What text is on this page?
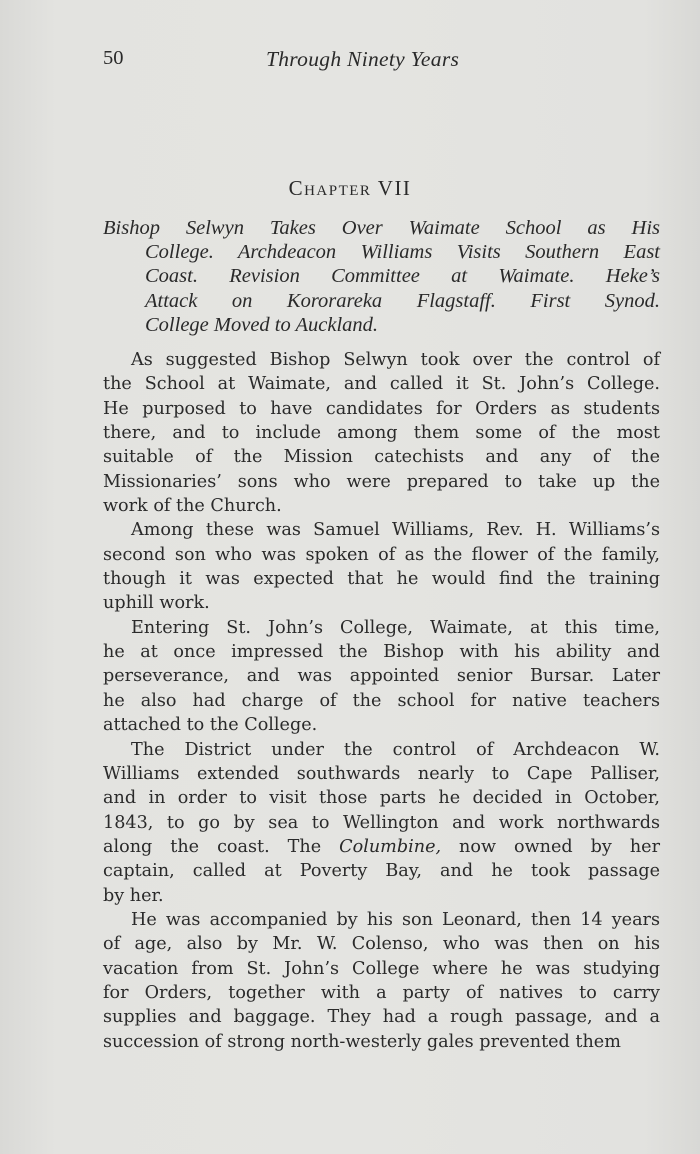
50	Through Ninety Years
Chapter VII
Bishop Selwyn Takes Over Waimate School as His
College. Archdeacon Williams Visits Southern East
Coast. Revision Committee at Waimate. Heke’s
Attack on Kororareka Flagstaff. First Synod.
College Moved to Auckland.
As suggested Bishop Selwyn took over the control of
the School at Waimate, and called it St. John’s College.
He purposed to have candidates for Orders as students
there, and to include among them some of the most
suitable of the Mission catechists and any of the
Missionaries’ sons who were prepared to take up the
work of the Church.
Among these was Samuel Williams, Rev. H. Williams’s
second son who was spoken of as the flower of the family,
though it was expected that he would find the training
uphill work.
Entering St. John’s College, Waimate, at this time,
he at once impressed the Bishop with his ability and
perseverance, and was appointed senior Bursar. Later
he also had charge of the school for native teachers
attached to the College.
The District under the control of Archdeacon W.
Williams extended southwards nearly to Cape Palliser,
and in order to visit those parts he decided in October,
1843, to go by sea to Wellington and work northwards
along the coast. The Columbine, now owned by her
captain, called at Poverty Bay, and he took passage
by her.
He was accompanied by his son Leonard, then 14 years
of age, also by Mr. W. Colenso, who was then on his
vacation from St. John’s College where he was studying
for Orders, together with a party of natives to carry
supplies and baggage. They had a rough passage, and a
succession of strong north-westerly gales prevented them
